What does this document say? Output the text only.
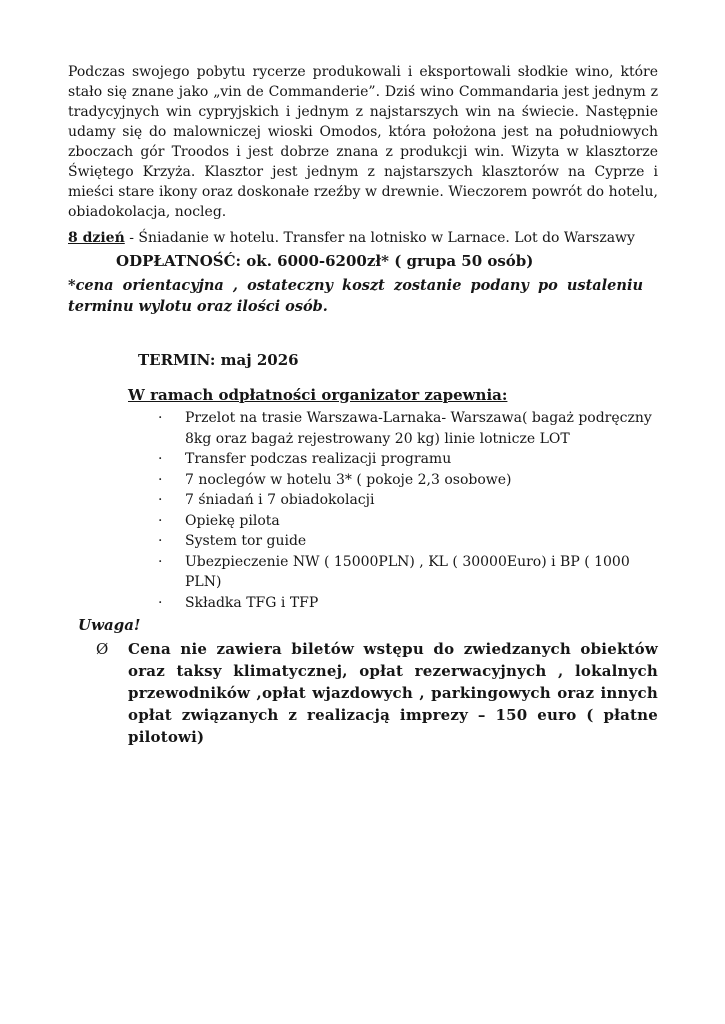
Podczas swojego pobytu rycerze produkowali i eksportowali słodkie wino, które stało się znane jako „vin de Commanderie”. Dziś wino Commandaria jest jednym z tradycyjnych win cypryjskich i jednym z najstarszych win na świecie. Następnie udamy się do malowniczej wioski Omodos, która położona jest na południowych zboczach gór Troodos i jest dobrze znana z produkcji win. Wizyta w klasztorze Świętego Krzyża. Klasztor jest jednym z najstarszych klasztorów na Cyprze i mieści stare ikony oraz doskonałe rzeźby w drewnie. Wieczorem powrót do hotelu, obiadokolacja, nocleg.

8 dzień - Śniadanie w hotelu. Transfer na lotnisko w Larnace. Lot do Warszawy

ODPŁATNOŚĆ: ok. 6000-6200zł* ( grupa 50 osób)

*cena orientacyjna , ostateczny koszt zostanie podany po ustaleniu terminu wylotu oraz ilości osób.

TERMIN: maj 2026

W ramach odpłatności organizator zapewnia:

·	Przelot na trasie Warszawa-Larnaka- Warszawa( bagaż podręczny 8kg oraz bagaż rejestrowany 20 kg) linie lotnicze LOT
·	Transfer podczas realizacji programu
·	7 noclegów w hotelu 3* ( pokoje 2,3 osobowe)
·	7 śniadań i 7 obiadokolacji
·	Opiekę pilota
·	System tor guide
·	Ubezpieczenie NW ( 15000PLN) , KL ( 30000Euro) i BP ( 1000 PLN)
·	Składka TFG i TFP

Uwaga!

Ø	Cena nie zawiera biletów wstępu do zwiedzanych obiektów oraz taksy klimatycznej, opłat rezerwacyjnych , lokalnych przewodników ,opłat wjazdowych , parkingowych oraz innych opłat związanych z realizacją imprezy – 150 euro ( płatne pilotowi)
